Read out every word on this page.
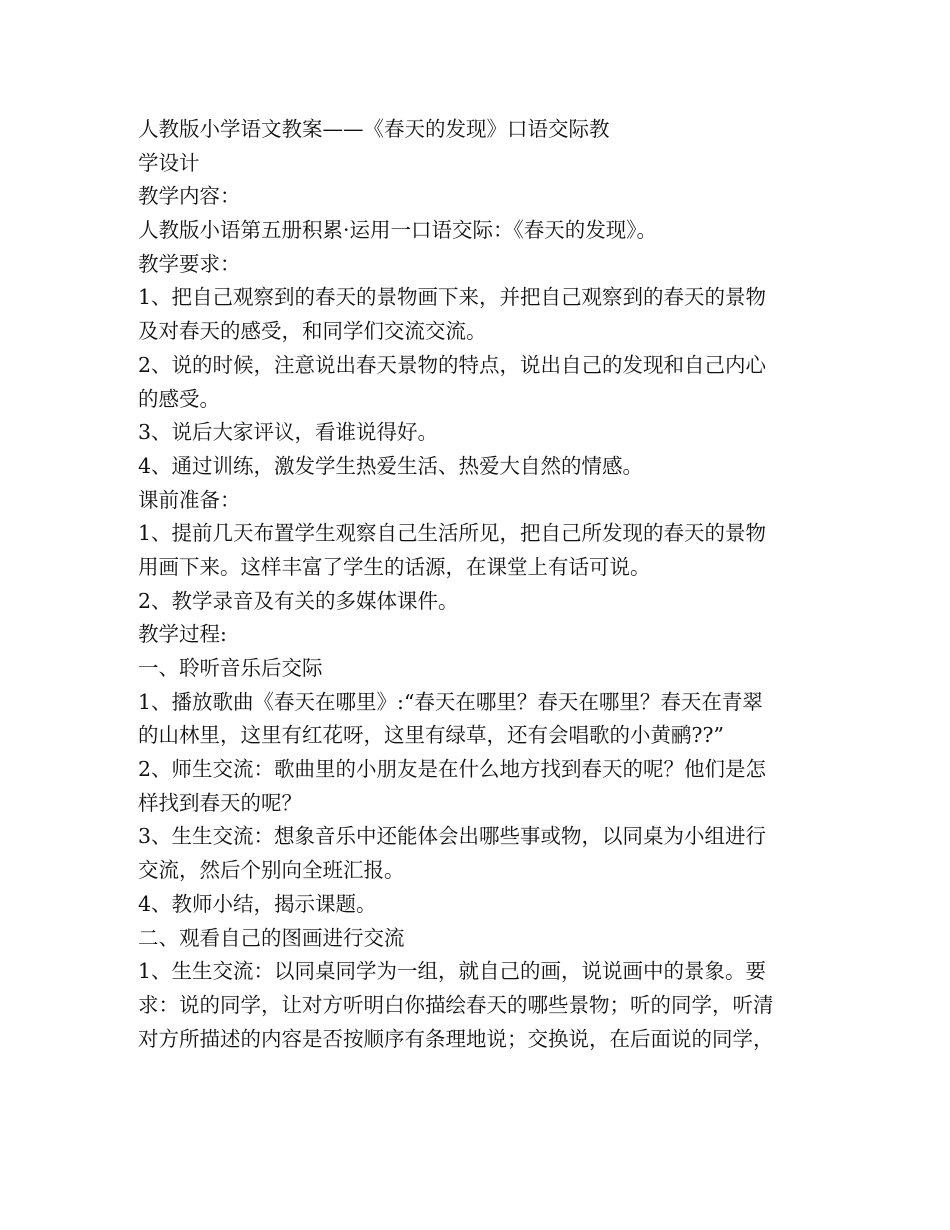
人教版小学语文教案——《春天的发现》口语交际教
学设计
教学内容：
人教版小语第五册积累·运用一口语交际：《春天的发现》。
教学要求：
1、把自己观察到的春天的景物画下来，并把自己观察到的春天的景物
及对春天的感受，和同学们交流交流。
2、说的时候，注意说出春天景物的特点，说出自己的发现和自己内心
的感受。
3、说后大家评议，看谁说得好。
4、通过训练，激发学生热爱生活、热爱大自然的情感。
课前准备：
1、提前几天布置学生观察自己生活所见，把自己所发现的春天的景物
用画下来。这样丰富了学生的话源，在课堂上有话可说。
2、教学录音及有关的多媒体课件。
教学过程:
一、聆听音乐后交际
1、播放歌曲《春天在哪里》:“春天在哪里？春天在哪里？春天在青翠
的山林里，这里有红花呀，这里有绿草，还有会唱歌的小黄鹂??”
2、师生交流：歌曲里的小朋友是在什么地方找到春天的呢？他们是怎
样找到春天的呢？
3、生生交流：想象音乐中还能体会出哪些事或物，以同桌为小组进行
交流，然后个别向全班汇报。
4、教师小结，揭示课题。
二、观看自己的图画进行交流
1、生生交流：以同桌同学为一组，就自己的画，说说画中的景象。要
求：说的同学，让对方听明白你描绘春天的哪些景物；听的同学，听清
对方所描述的内容是否按顺序有条理地说；交换说，在后面说的同学，
